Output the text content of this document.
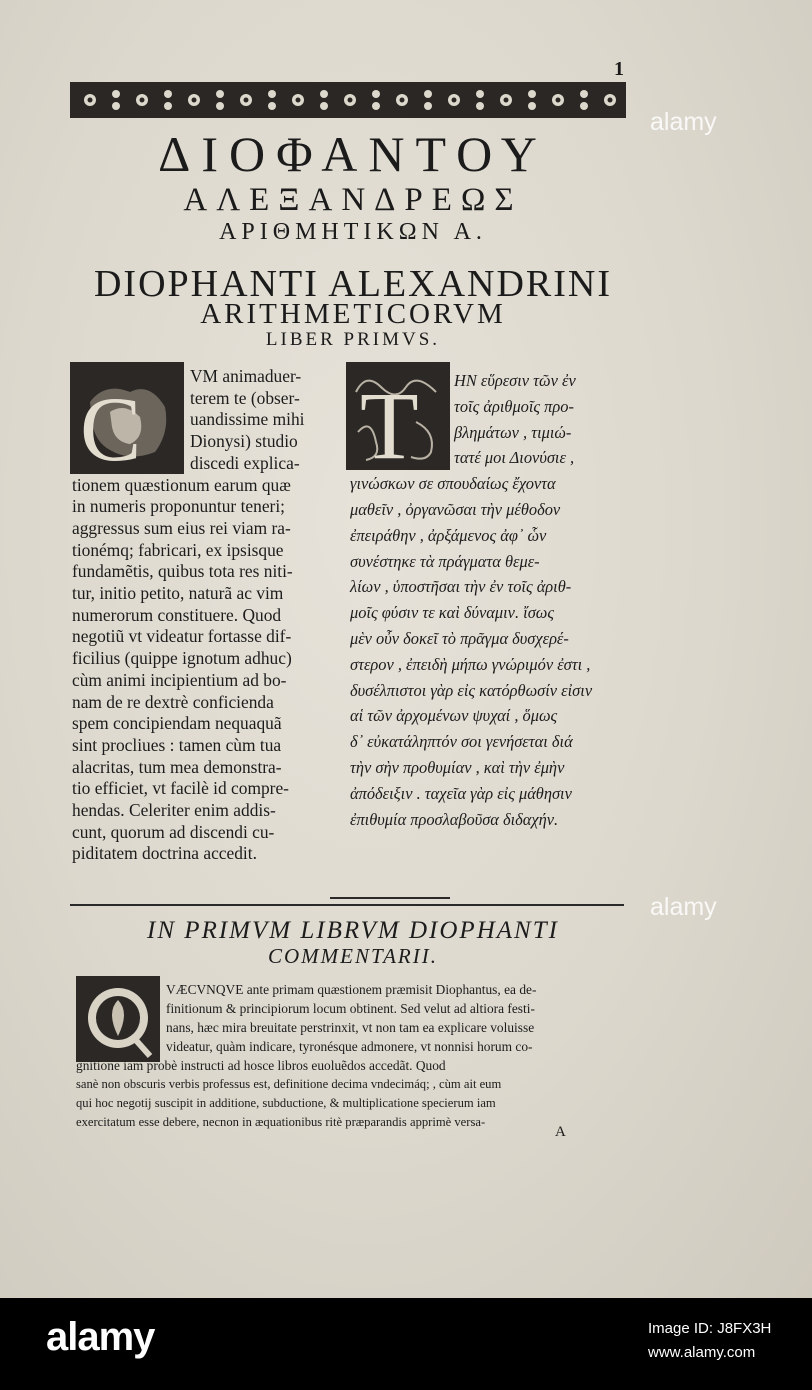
1
ΔΙΟΦΑΝΤΟΥ
ΑΛΕΞΑΝΔΡΕΩΣ
ΑΡΙΘΜΗΤΙΚΩΝ Α.
DIOPHANTI ALEXANDRINI
ARITHMETICORVM
LIBER PRIMVS.
C T
VM animaduer-
terem te (obser-
uandissime mihi
Dionysi) studio
discedi explica-
tionem quæstionum earum quæ
in numeris proponuntur teneri;
aggressus sum eius rei viam ra-
tionémq; fabricari, ex ipsisque
fundamẽtis, quibus tota res niti-
tur, initio petito, naturã ac vim
numerorum constituere. Quod
negotiũ vt videatur fortasse dif-
ficilius (quippe ignotum adhuc)
cùm animi incipientium ad bo-
nam de re dextrè conficienda
spem concipiendam nequaquã
sint procliues : tamen cùm tua
alacritas, tum mea demonstra-
tio efficiet, vt facilè id compre-
hendas. Celeriter enim addis-
cunt, quorum ad discendi cu-
piditatem doctrina accedit.
ΗΝ εὕρεσιν τῶν ἐν
τοῖς ἀριθμοῖς προ-
βλημάτων , τιμιώ-
τατέ μοι Διονύσιε ,
γινώσκων σε σπουδαίως ἔχοντα
μαθεῖν , ὀργανῶσαι τὴν μέθοδον
ἐπειράθην , ἀρξάμενος ἀφ᾽ ὧν
συνέστηκε τὰ πράγματα θεμε-
λίων , ὑποστῆσαι τὴν ἐν τοῖς ἀριθ-
μοῖς φύσιν τε καὶ δύναμιν. ἴσως
μὲν οὖν δοκεῖ τὸ πρᾶγμα δυσχερέ-
στερον , ἐπειδὴ μήπω γνώριμόν ἐστι ,
δυσέλπιστοι γὰρ εἰς κατόρθωσίν εἰσιν
αἱ τῶν ἀρχομένων ψυχαί , ὅμως
δ᾽ εὐκατάληπτόν σοι γενήσεται διά
τὴν σὴν προθυμίαν , καὶ τὴν ἐμὴν
ἀπόδειξιν . ταχεῖα γὰρ εἰς μάθησιν
ἐπιθυμία προσλαβοῦσα διδαχήν.
IN PRIMVM LIBRVM DIOPHANTI
COMMENTARII.
VÆCVNQVE ante primam quæstionem præmisit Diophantus, ea de-
finitionum & principiorum locum obtinent. Sed velut ad altiora festi-
nans, hæc mira breuitate perstrinxit, vt non tam ea explicare voluisse
videatur, quàm indicare, tyronésque admonere, vt nonnisi horum co-
gnitione iam probè instructi ad hosce libros euoluẽdos accedãt. Quod
sanè non obscuris verbis professus est, definitione decima vndecimáq; , cùm ait eum
qui hoc negotij suscipit in additione, subductione, & multiplicatione specierum iam
exercitatum esse debere, necnon in æquationibus ritè præparandis apprimè versa-
A
alamy
alamy
alamy	Image ID: J8FX3H
www.alamy.com
